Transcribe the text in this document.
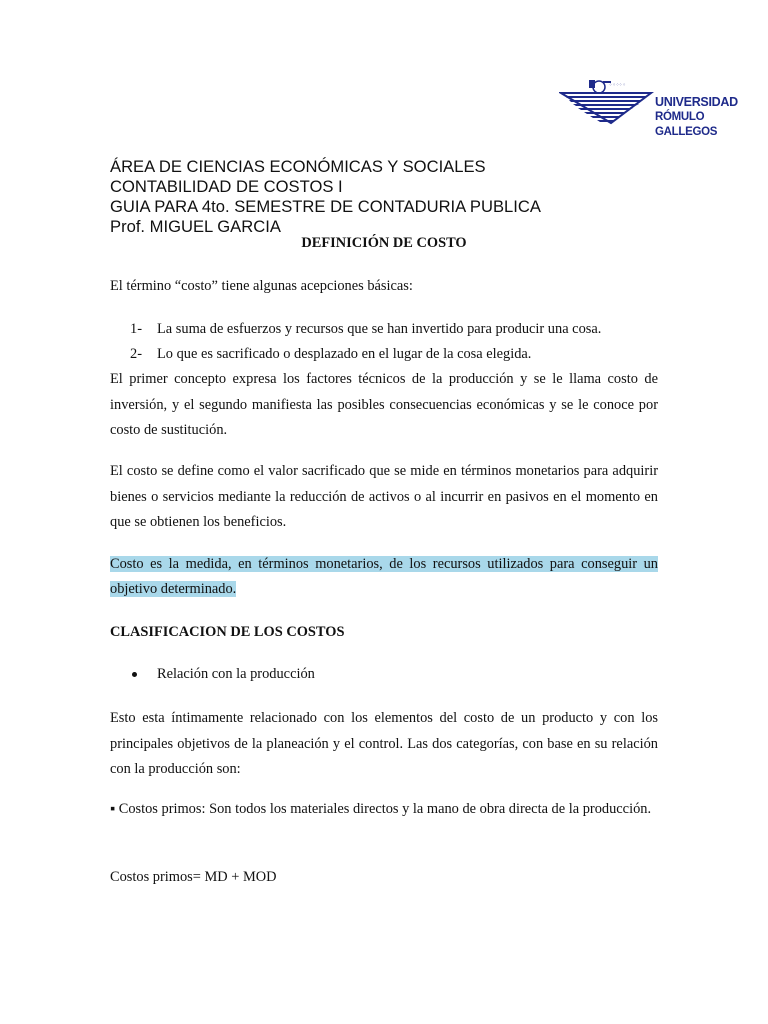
⁘⁘⁘⁘⁘
UNIVERSIDAD
RÓMULO GALLEGOS
ÁREA DE CIENCIAS ECONÓMICAS Y SOCIALES
CONTABILIDAD DE COSTOS I
GUIA PARA 4to. SEMESTRE DE CONTADURIA PUBLICA
Prof. MIGUEL GARCIA
DEFINICIÓN DE COSTO
El término “costo” tiene algunas acepciones básicas:
1- La suma de esfuerzos y recursos que se han invertido para producir una cosa.
2- Lo que es sacrificado o desplazado en el lugar de la cosa elegida.
El primer concepto expresa los factores técnicos de la producción y se le llama costo de inversión, y el segundo manifiesta las posibles consecuencias económicas y se le conoce por costo de sustitución.
El costo se define como el valor sacrificado que se mide en términos monetarios para adquirir bienes o servicios mediante la reducción de activos o al incurrir en pasivos en el momento en que se obtienen los beneficios.
Costo es la medida, en términos monetarios, de los recursos utilizados para conseguir un
objetivo determinado.
CLASIFICACION DE LOS COSTOS
Relación con la producción
Esto esta íntimamente relacionado con los elementos del costo de un producto y con los principales objetivos de la planeación y el control. Las dos categorías, con base en su relación con la producción son:
▪ Costos primos: Son todos los materiales directos y la mano de obra directa de la producción.
Costos primos= MD + MOD
